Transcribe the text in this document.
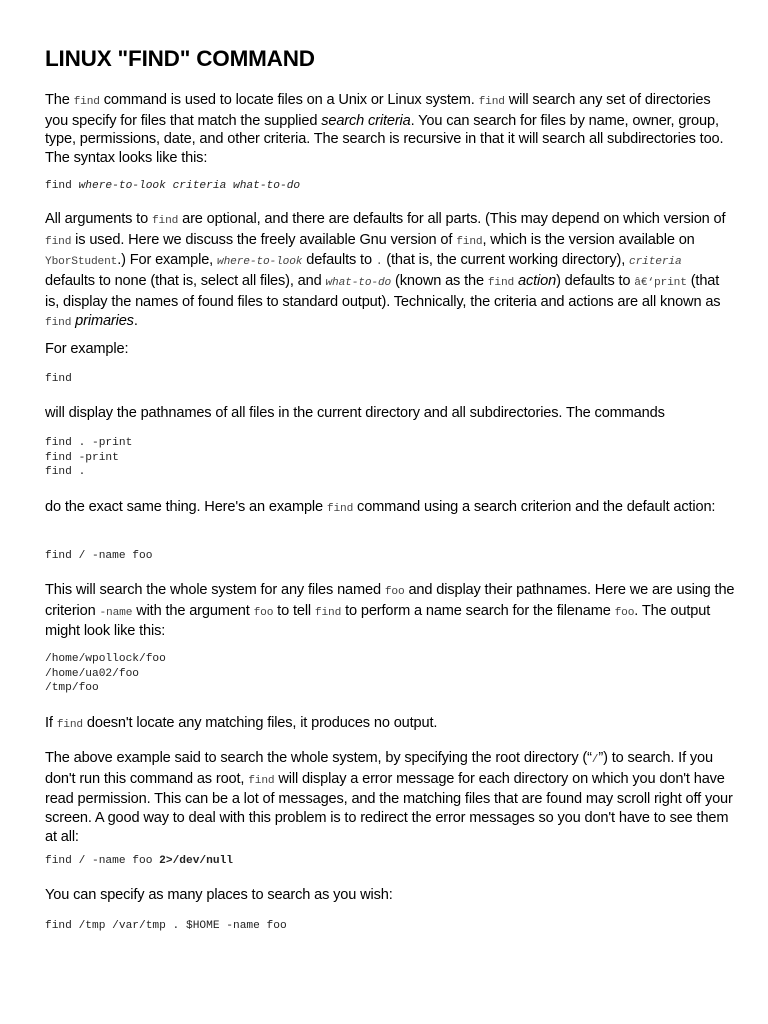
LINUX "FIND" COMMAND

The find command is used to locate files on a Unix or Linux system. find will search any set of directories you specify for files that match the supplied search criteria. You can search for files by name, owner, group, type, permissions, date, and other criteria. The search is recursive in that it will search all subdirectories too. The syntax looks like this:

find where-to-look criteria what-to-do

All arguments to find are optional, and there are defaults for all parts. (This may depend on which version of find is used. Here we discuss the freely available Gnu version of find, which is the version available on YborStudent.) For example, where-to-look defaults to . (that is, the current working directory), criteria defaults to none (that is, select all files), and what-to-do (known as the find action) defaults to â€‘print (that is, display the names of found files to standard output). Technically, the criteria and actions are all known as find primaries.

For example:

find

will display the pathnames of all files in the current directory and all subdirectories. The commands

find . -print
find -print
find .

do the exact same thing. Here's an example find command using a search criterion and the default action:

find / -name foo

This will search the whole system for any files named foo and display their pathnames. Here we are using the criterion -name with the argument foo to tell find to perform a name search for the filename foo. The output might look like this:

/home/wpollock/foo
/home/ua02/foo
/tmp/foo

If find doesn't locate any matching files, it produces no output.

The above example said to search the whole system, by specifying the root directory (“/”) to search. If you don't run this command as root, find will display a error message for each directory on which you don't have read permission. This can be a lot of messages, and the matching files that are found may scroll right off your screen. A good way to deal with this problem is to redirect the error messages so you don't have to see them at all:

find / -name foo 2>/dev/null

You can specify as many places to search as you wish:

find /tmp /var/tmp . $HOME -name foo
